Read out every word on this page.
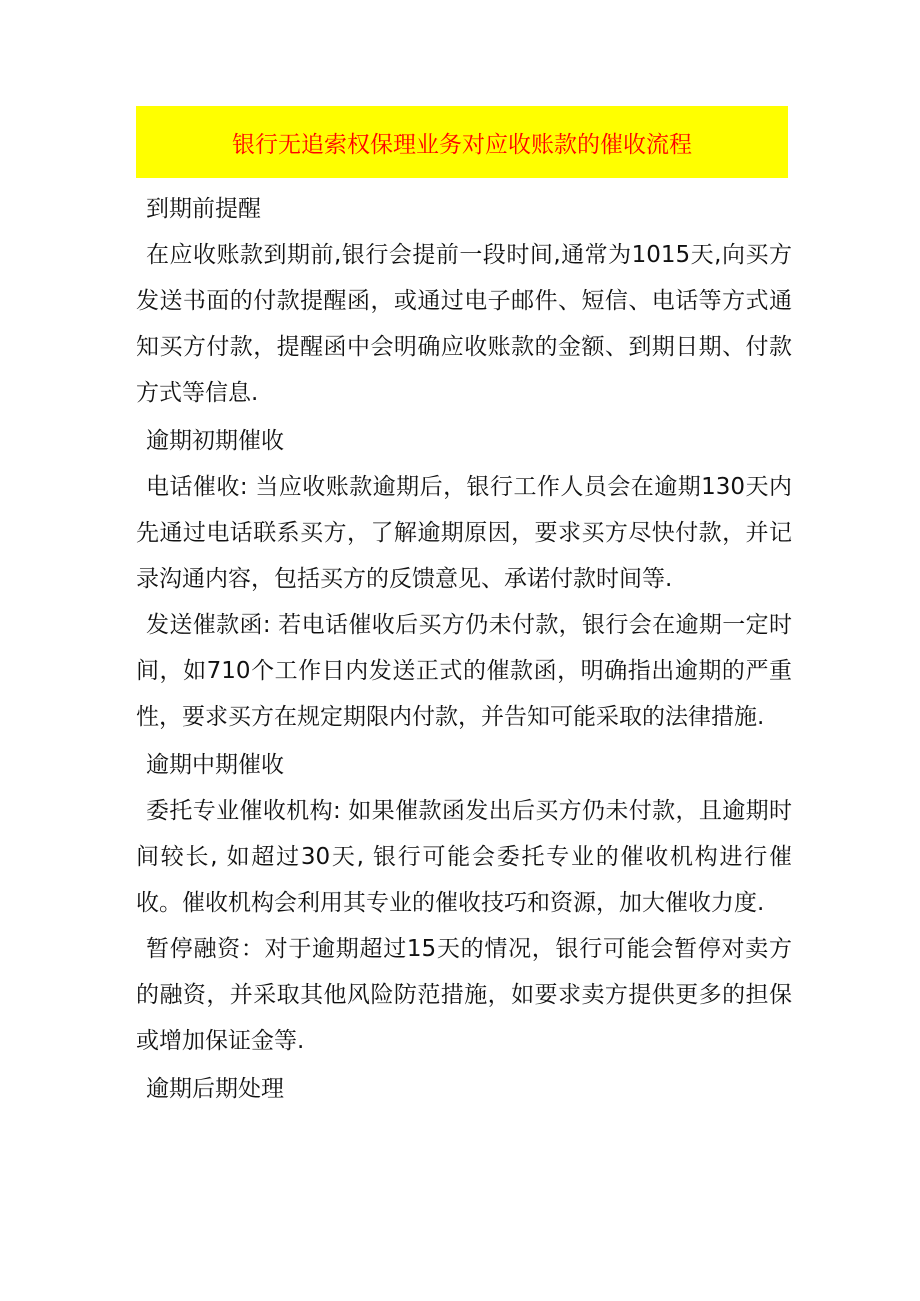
银行无追索权保理业务对应收账款的催收流程

到期前提醒

在应收账款到期前,银行会提前一段时间,通常为1015天,向买方发送书面的付款提醒函，或通过电子邮件、短信、电话等方式通知买方付款，提醒函中会明确应收账款的金额、到期日期、付款方式等信息.

逾期初期催收

电话催收: 当应收账款逾期后，银行工作人员会在逾期130天内先通过电话联系买方，了解逾期原因，要求买方尽快付款，并记录沟通内容，包括买方的反馈意见、承诺付款时间等.

发送催款函: 若电话催收后买方仍未付款，银行会在逾期一定时间，如710个工作日内发送正式的催款函，明确指出逾期的严重性，要求买方在规定期限内付款，并告知可能采取的法律措施.

逾期中期催收

委托专业催收机构: 如果催款函发出后买方仍未付款，且逾期时间较长, 如超过30天, 银行可能会委托专业的催收机构进行催收。催收机构会利用其专业的催收技巧和资源，加大催收力度.

暂停融资：对于逾期超过15天的情况，银行可能会暂停对卖方的融资，并采取其他风险防范措施，如要求卖方提供更多的担保或增加保证金等.

逾期后期处理
